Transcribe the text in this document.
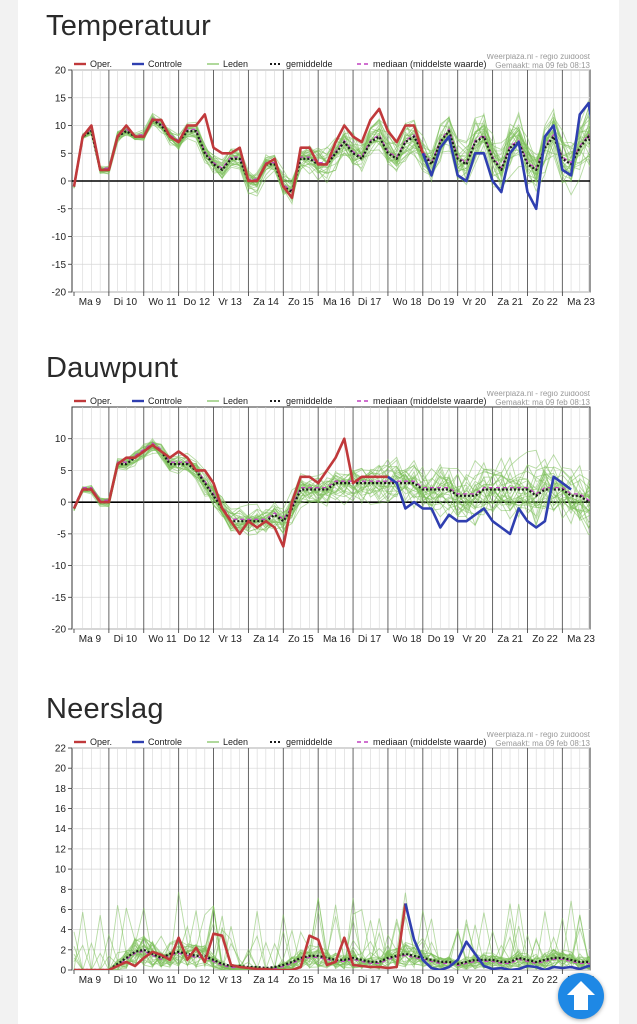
Temperatuur
-20
-15
-10
-5
0
5
10
15
20
Ma 9 Di 10 Wo 11 Do 12 Vr 13 Za 14 Zo 15 Ma 16 Di 17 Wo 18 Do 19 Vr 20 Za 21 Zo 22 Ma 23
Oper.	Controle	Leden	gemiddelde	mediaan (middelste waarde)
Weerplaza.nl - regio zuidoost
Gemaakt: ma 09 feb 08:13
Dauwpunt
-20
-15
-10
-5
0
5
10
Ma 9 Di 10 Wo 11 Do 12 Vr 13 Za 14 Zo 15 Ma 16 Di 17 Wo 18 Do 19 Vr 20 Za 21 Zo 22 Ma 23
Oper.	Controle	Leden	gemiddelde	mediaan (middelste waarde)
Weerplaza.nl - regio zuidoost
Gemaakt: ma 09 feb 08:13
Neerslag
0
2
4
6
8
10
12
14
16
18
20
22
Ma 9 Di 10 Wo 11 Do 12 Vr 13 Za 14 Zo 15 Ma 16 Di 17 Wo 18 Do 19 Vr 20 Za 21 Zo 22
Oper.	Controle	Leden	gemiddelde	mediaan (middelste waarde)
Weerplaza.nl - regio zuidoost
Gemaakt: ma 09 feb 08:13
